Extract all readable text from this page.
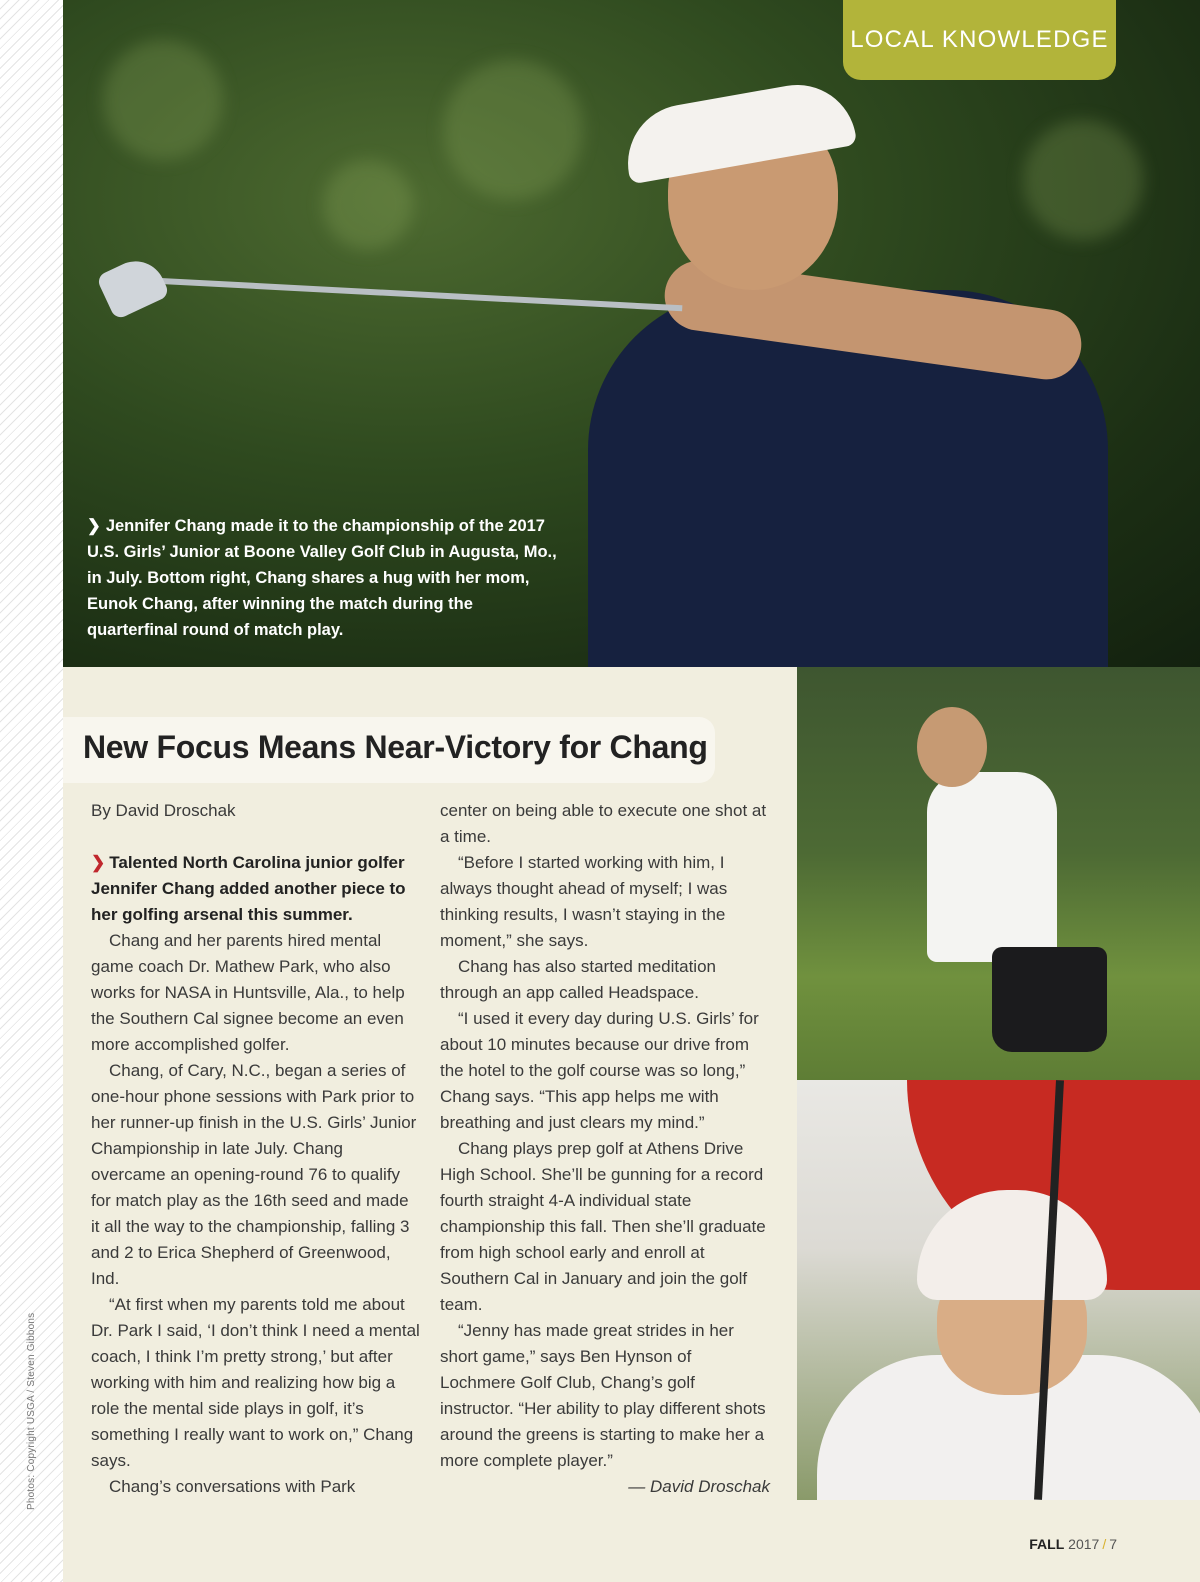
Photos: Copyright USGA / Steven Gibbons
LOCAL KNOWLEDGE
❯ Jennifer Chang made it to the championship of the 2017 U.S. Girls’ Junior at Boone Valley Golf Club in Augusta, Mo., in July. Bottom right, Chang shares a hug with her mom, Eunok Chang, after winning the match during the quarterfinal round of match play.
New Focus Means Near-Victory for Chang

By David Droschak

❯ Talented North Carolina junior golfer Jennifer Chang added another piece to her golfing arsenal this summer.

Chang and her parents hired mental game coach Dr. Mathew Park, who also works for NASA in Huntsville, Ala., to help the Southern Cal signee become an even more accomplished golfer.

Chang, of Cary, N.C., began a series of one-hour phone sessions with Park prior to her runner-up finish in the U.S. Girls’ Junior Championship in late July. Chang overcame an opening-round 76 to qualify for match play as the 16th seed and made it all the way to the championship, falling 3 and 2 to Erica Shepherd of Greenwood, Ind.

“At first when my parents told me about Dr. Park I said, ‘I don’t think I need a mental coach, I think I’m pretty strong,’ but after working with him and realizing how big a role the mental side plays in golf, it’s something I really want to work on,” Chang says.

Chang’s conversations with Park

center on being able to execute one shot at a time.

“Before I started working with him, I always thought ahead of myself; I was thinking results, I wasn’t staying in the moment,” she says.

Chang has also started meditation through an app called Headspace.

“I used it every day during U.S. Girls’ for about 10 minutes because our drive from the hotel to the golf course was so long,” Chang says. “This app helps me with breathing and just clears my mind.”

Chang plays prep golf at Athens Drive High School. She’ll be gunning for a record fourth straight 4-A individual state championship this fall. Then she’ll graduate from high school early and enroll at Southern Cal in January and join the golf team.

“Jenny has made great strides in her short game,” says Ben Hynson of Lochmere Golf Club, Chang’s golf instructor. “Her ability to play different shots around the greens is starting to make her a more complete player.”

— David Droschak

FALL 2017 / 7
